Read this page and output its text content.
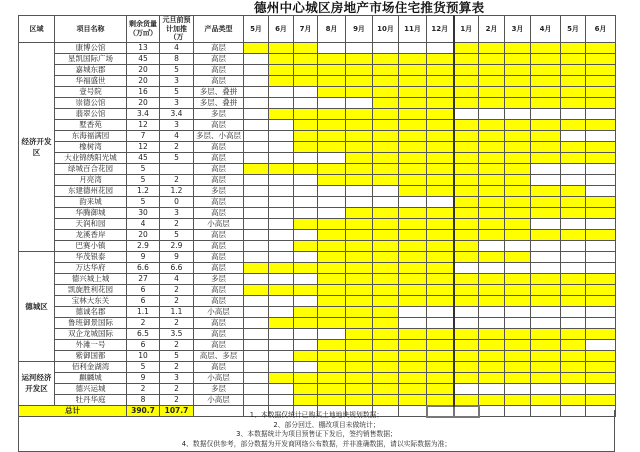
德州中心城区房地产市场住宅推货预算表
区域	项目名称	剩余货量（万㎡）	元旦前预计加推（万	产品类型	5月	6月	7月	8月	9月	10月	11月	12月	1月	2月	3月	4月	5月	6月
经济开发区	康博公馆	13	4	高层														
	星凯国际广场	45	8	高层														
	嘉城东郡	20	5	高层														
	华福盛世	20	3	高层														
	壹号院	16	5	多层、叠拼														
	崇德公馆	20	3	多层、叠拼														
	翡翠公馆	3.4	3.4	多层														
	墅香苑	12	3	高层														
	东海福满园	7	4	多层、小高层														
	橡树湾	12	2	高层														
	大业锦绣阳光城	45	5	高层														
	绿城百合花园	5		高层														
	月亮湾	5	2	高层														
	东建德州花园	1.2	1.2	多层														
	韵来城	5	0	高层														
	华腾御城	30	3	高层														
	天润和园	4	2	小高层														
	龙溪香岸	20	5	高层														
	巴赛小镇	2.9	2.9	高层														
德城区	华茂银泰	9	9	高层														
	万达华府	6.6	6.6	高层														
	德兴城上城	27	4	多层														
	凯旋胜利花园	6	2	高层														
	宝林大东关	6	2	高层														
	德诚名郡	1.1	1.1	小高层														
	鲁班御景国际	2	2	高层														
	双企龙城国际	6.5	3.5	高层														
	外滩一号	6	2	高层														
	紫御国都	10	5	高层、多层														
运河经济开发区	佰利金湖湾	5	2	高层														
	麒麟城	9	3	小高层														
	德兴运城	2	2	多层														
	牡丹华庭	8	2	小高层														
总计		390.7	107.7																1、本数据仅统计已购买土地地块规划数据；
2、部分回迁、棚改项目未做统计；
3、本数据统计为项目预售证下发后，签约销售数据；
4、数据仅供参考，部分数据为开发商网络公布数据，并非准确数据，请以实际数据为准；
